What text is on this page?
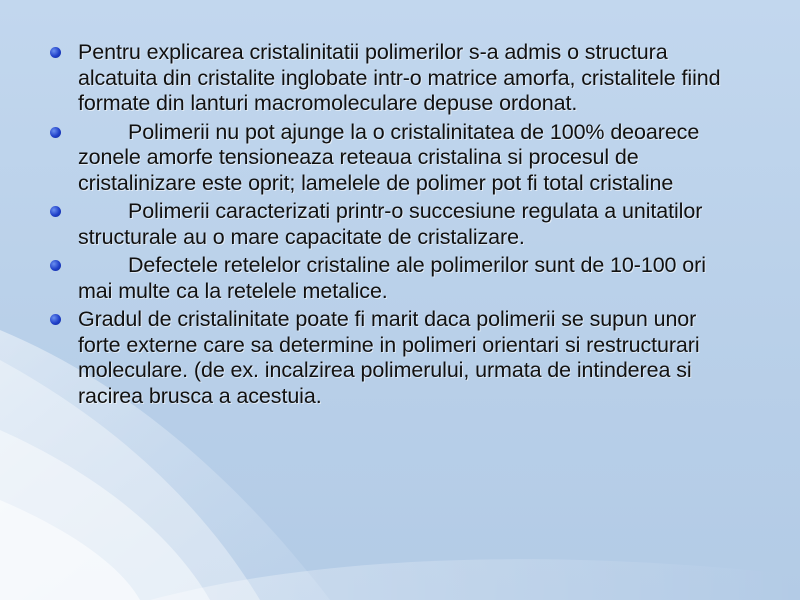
Pentru explicarea cristalinitatii polimerilor s-a admis o structura alcatuita din cristalite inglobate intr-o matrice amorfa, cristalitele fiind formate din lanturi macromoleculare depuse ordonat.
Polimerii nu pot ajunge la o cristalinitatea de 100% deoarece zonele amorfe tensioneaza reteaua cristalina si procesul de cristalinizare este oprit; lamelele de polimer pot fi total cristaline
Polimerii caracterizati printr-o succesiune regulata a unitatilor structurale au o mare capacitate de cristalizare.
Defectele retelelor cristaline ale polimerilor sunt de 10-100 ori mai multe ca la retelele metalice.
Gradul de cristalinitate poate fi marit daca polimerii se supun unor forte externe care sa determine in polimeri orientari si restructurari moleculare. (de ex. incalzirea polimerului, urmata de intinderea si racirea brusca a acestuia.
